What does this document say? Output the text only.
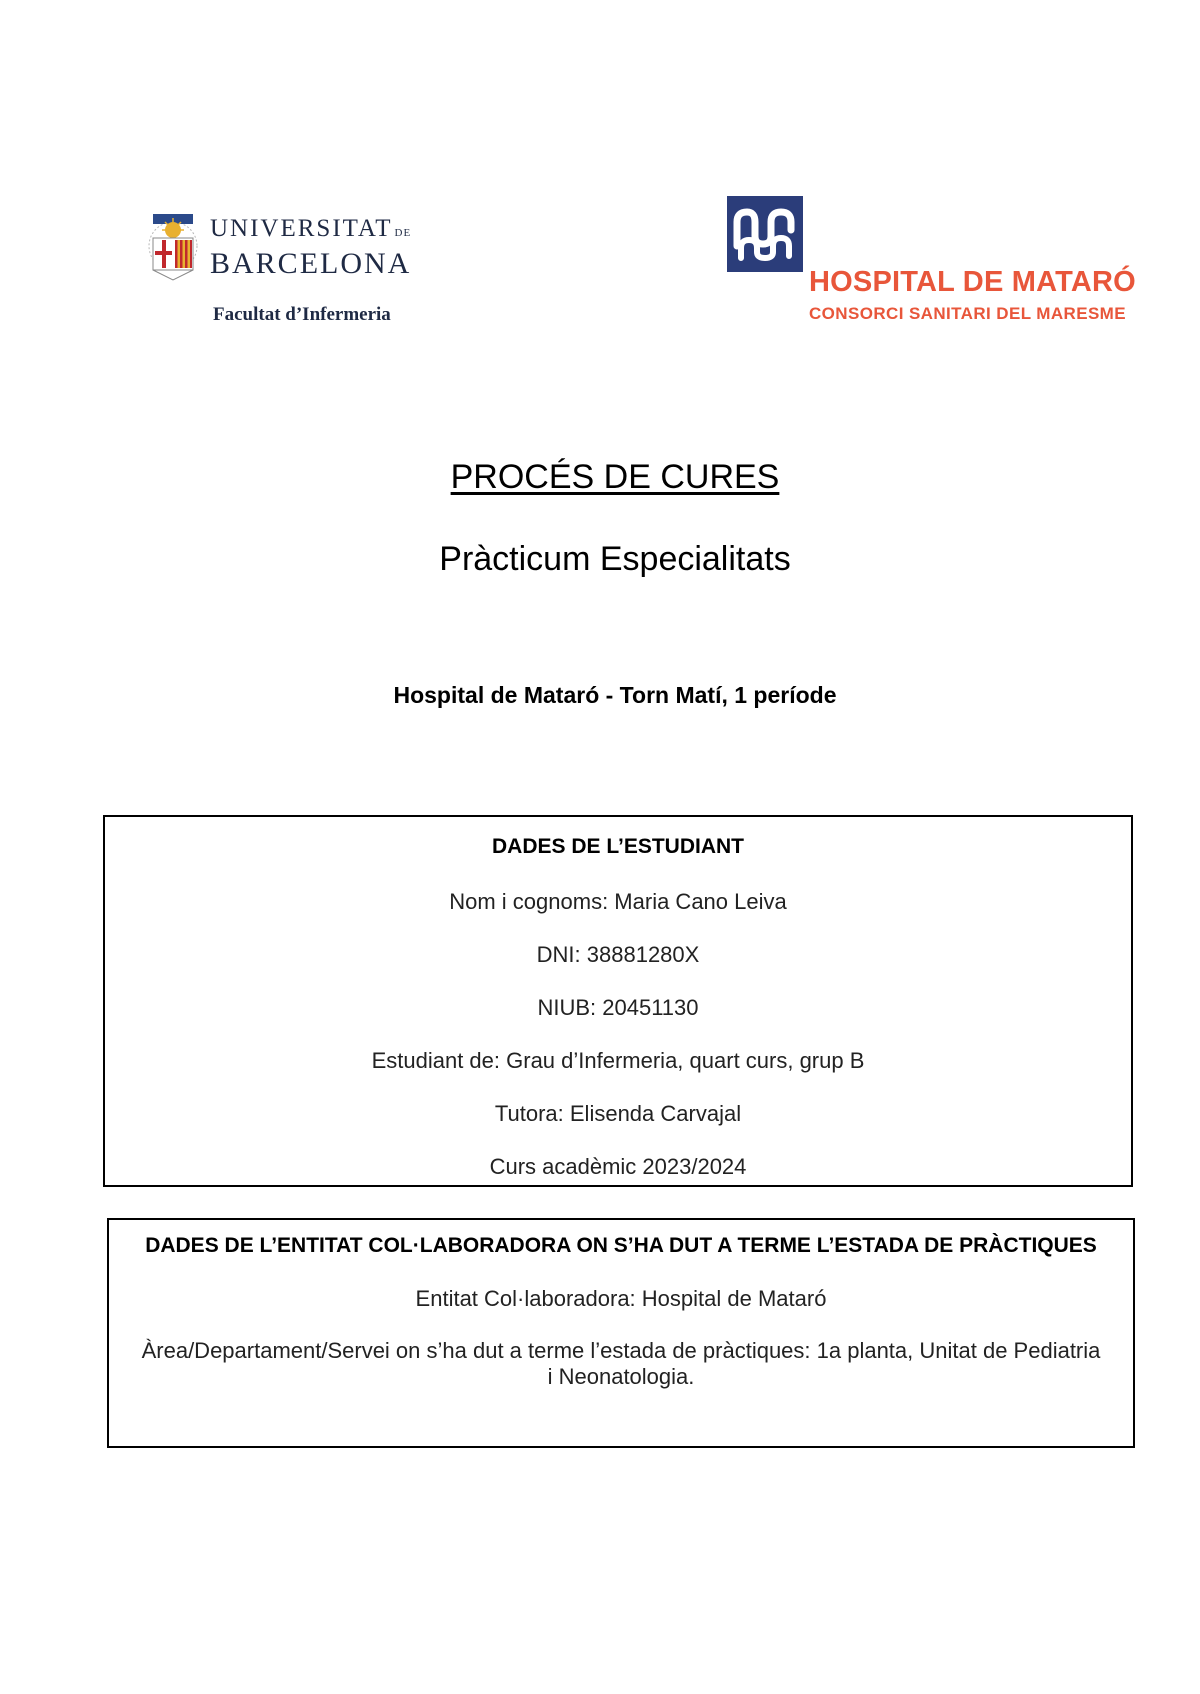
UNIVERSITAT DE
BARCELONA
Facultat d’Infermeria
HOSPITAL DE MATARÓ
CONSORCI SANITARI DEL MARESME
PROCÉS DE CURES
Pràcticum Especialitats
Hospital de Mataró - Torn Matí, 1 període
DADES DE L’ESTUDIANT
Nom i cognoms: Maria Cano Leiva
DNI: 38881280X
NIUB: 20451130
Estudiant de: Grau d’Infermeria, quart curs, grup B
Tutora: Elisenda Carvajal
Curs acadèmic 2023/2024
DADES DE L’ENTITAT COL·LABORADORA ON S’HA DUT A TERME L’ESTADA DE PRÀCTIQUES
Entitat Col·laboradora: Hospital de Mataró
Àrea/Departament/Servei on s’ha dut a terme l’estada de pràctiques: 1a planta, Unitat de Pediatria i Neonatologia.
